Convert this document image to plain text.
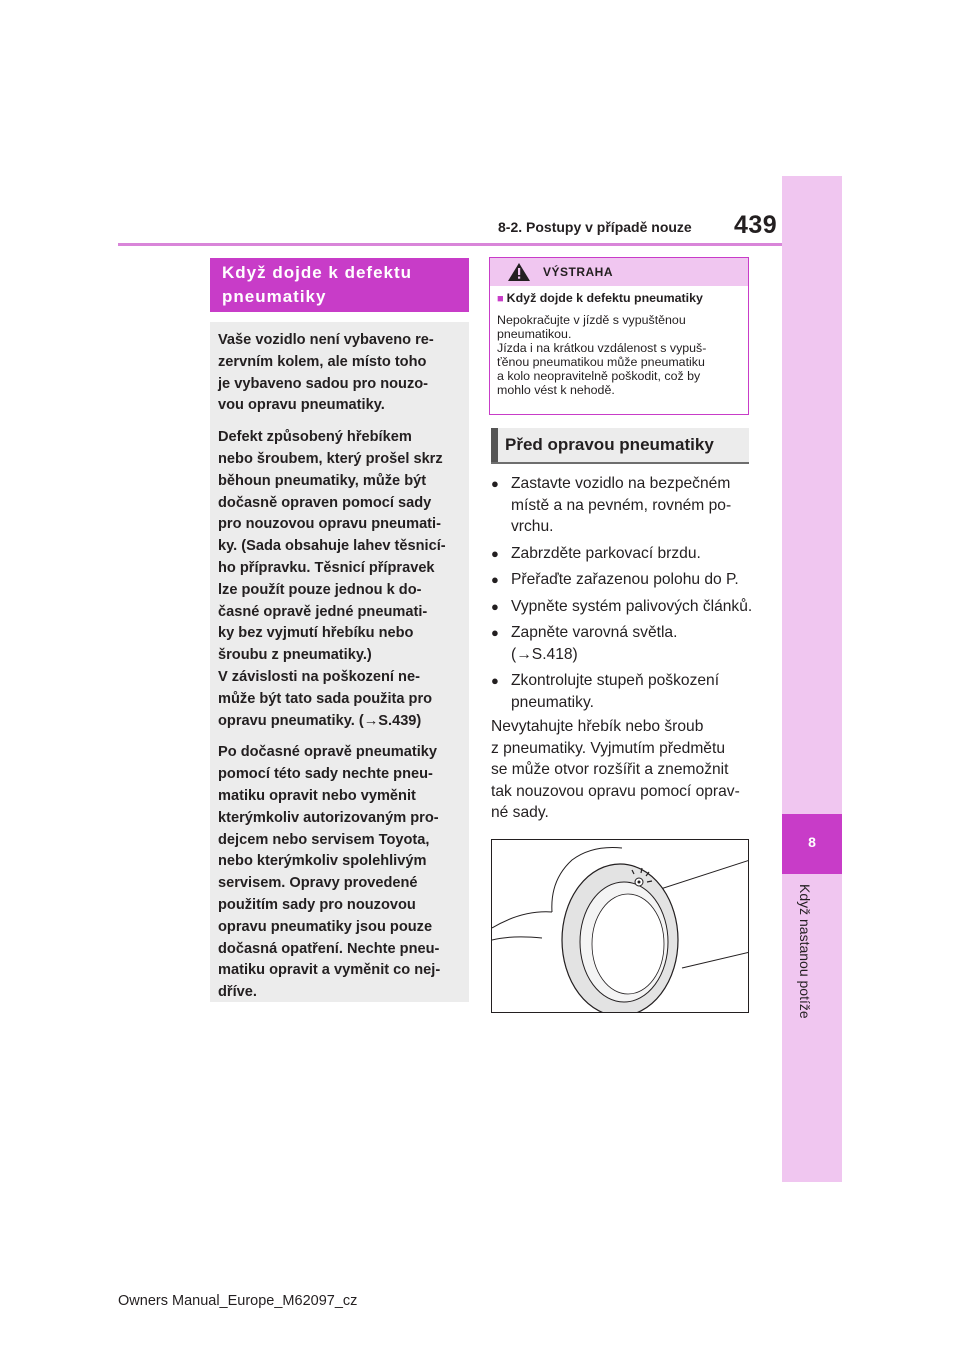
8-2. Postupy v případě nouze 439
8
Když nastanou potíže
Když dojde k defektu pneumatiky

Vaše vozidlo není vybaveno re-
zervním kolem, ale místo toho
je vybaveno sadou pro nouzo-
vou opravu pneumatiky.

Defekt způsobený hřebíkem
nebo šroubem, který prošel skrz
běhoun pneumatiky, může být
dočasně opraven pomocí sady
pro nouzovou opravu pneumati-
ky. (Sada obsahuje lahev těsnicí-
ho přípravku. Těsnicí přípravek
lze použít pouze jednou k do-
časné opravě jedné pneumati-
ky bez vyjmutí hřebíku nebo
šroubu z pneumatiky.)
V závislosti na poškození ne-
může být tato sada použita pro
opravu pneumatiky. (→S.439)

Po dočasné opravě pneumatiky
pomocí této sady nechte pneu-
matiku opravit nebo vyměnit
kterýmkoliv autorizovaným pro-
dejcem nebo servisem Toyota,
nebo kterýmkoliv spolehlivým
servisem. Opravy provedené
použitím sady pro nouzovou
opravu pneumatiky jsou pouze
dočasná opatření. Nechte pneu-
matiku opravit a vyměnit co nej-
dříve.

VÝSTRAHA
■ Když dojde k defektu pneumatiky
Nepokračujte v jízdě s vypuštěnou
pneumatikou.
Jízda i na krátkou vzdálenost s vypuš-
ťěnou pneumatikou může pneumatiku
a kolo neopravitelně poškodit, což by
mohlo vést k nehodě.
Před opravou pneumatiky
● Zastavte vozidlo na bezpečném
místě a na pevném, rovném po-
vrchu.
● Zabrzděte parkovací brzdu.
● Přeřaďte zařazenou polohu do P.
● Vypněte systém palivových článků.
● Zapněte varovná světla.
(→S.418)
● Zkontrolujte stupeň poškození
pneumatiky.
Nevytahujte hřebík nebo šroub
z pneumatiky. Vyjmutím předmětu
se může otvor rozšířit a znemožnit
tak nouzovou opravu pomocí oprav-
né sady.
Owners Manual_Europe_M62097_cz
